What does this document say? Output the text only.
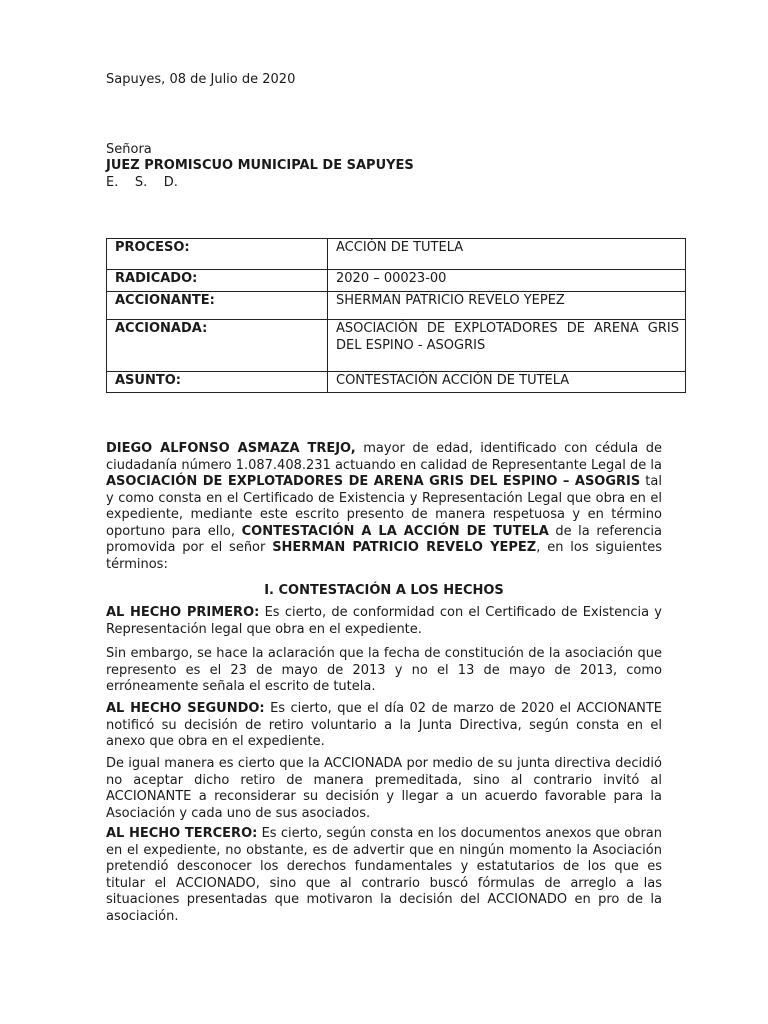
Sapuyes, 08 de Julio de 2020

Señora

JUEZ PROMISCUO MUNICIPAL DE SAPUYES

E.    S.    D.

PROCESO:	ACCIÓN DE TUTELA
RADICADO:	2020 – 00023-00
ACCIONANTE:	SHERMAN PATRICIO REVELO YEPEZ
ACCIONADA:	ASOCIACIÓN DE EXPLOTADORES DE ARENA GRIS DEL ESPINO - ASOGRIS
ASUNTO:	CONTESTACIÓN ACCIÓN DE TUTELA

DIEGO ALFONSO ASMAZA TREJO, mayor de edad, identificado con cédula de ciudadanía número 1.087.408.231 actuando en calidad de Representante Legal de la ASOCIACIÓN DE EXPLOTADORES DE ARENA GRIS DEL ESPINO – ASOGRIS tal y como consta en el Certificado de Existencia y Representación Legal que obra en el expediente, mediante este escrito presento de manera respetuosa y en término oportuno para ello, CONTESTACIÓN A LA ACCIÓN DE TUTELA de la referencia promovida por el señor SHERMAN PATRICIO REVELO YEPEZ, en los siguientes términos:

I. CONTESTACIÓN A LOS HECHOS

AL HECHO PRIMERO: Es cierto, de conformidad con el Certificado de Existencia y Representación legal que obra en el expediente.

Sin embargo, se hace la aclaración que la fecha de constitución de la asociación que represento es el 23 de mayo de 2013 y no el 13 de mayo de 2013, como erróneamente señala el escrito de tutela.

AL HECHO SEGUNDO: Es cierto, que el día 02 de marzo de 2020 el ACCIONANTE notificó su decisión de retiro voluntario a la Junta Directiva, según consta en el anexo que obra en el expediente.

De igual manera es cierto que la ACCIONADA por medio de su junta directiva decidió no aceptar dicho retiro de manera premeditada, sino al contrario invitó al ACCIONANTE a reconsiderar su decisión y llegar a un acuerdo favorable para la Asociación y cada uno de sus asociados.

AL HECHO TERCERO: Es cierto, según consta en los documentos anexos que obran en el expediente, no obstante, es de advertir que en ningún momento la Asociación pretendió desconocer los derechos fundamentales y estatutarios de los que es titular el ACCIONADO, sino que al contrario buscó fórmulas de arreglo a las situaciones presentadas que motivaron la decisión del ACCIONADO en pro de la asociación.
